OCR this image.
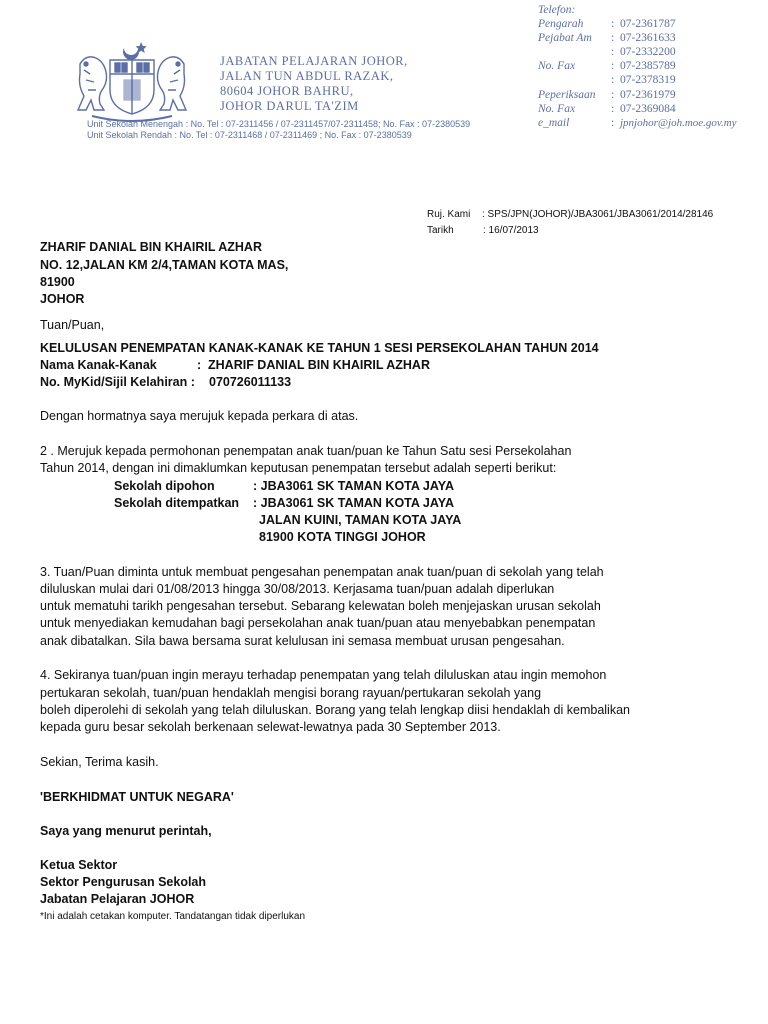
JABATAN PELAJARAN JOHOR,
JALAN TUN ABDUL RAZAK,
80604 JOHOR BAHRU,
JOHOR DARUL TA'ZIM
Unit Sekolah Menengah : No. Tel : 07-2311456 / 07-2311457/07-2311458; No. Fax : 07-2380539
Unit Sekolah Rendah : No. Tel : 07-2311468 / 07-2311469 ; No. Fax : 07-2380539
Telefon:
Pengarah : 07-2361787
Pejabat Am : 07-2361633
: 07-2332200
No. Fax	: 07-2385789
: 07-2378319
Peperiksaan : 07-2361979
No. Fax	: 07-2369084
e_mail	: jpnjohor@joh.moe.gov.my
Ruj. Kami : SPS/JPN(JOHOR)/JBA3061/JBA3061/2014/28146
Tarikh	: 16/07/2013
ZHARIF DANIAL BIN KHAIRIL AZHAR
NO. 12,JALAN KM 2/4,TAMAN KOTA MAS,
81900
JOHOR
Tuan/Puan,
KELULUSAN PENEMPATAN KANAK-KANAK KE TAHUN 1 SESI PERSEKOLAHAN TAHUN 2014
Nama Kanak-Kanak	: ZHARIF DANIAL BIN KHAIRIL AZHAR
No. MyKid/Sijil Kelahiran : 070726011133
Dengan hormatnya saya merujuk kepada perkara di atas.
2 . Merujuk kepada permohonan penempatan anak tuan/puan ke Tahun Satu sesi Persekolahan
Tahun 2014, dengan ini dimaklumkan keputusan penempatan tersebut adalah seperti berikut:
Sekolah dipohon	: JBA3061 SK TAMAN KOTA JAYA
Sekolah ditempatkan : JBA3061 SK TAMAN KOTA JAYA
JALAN KUINI, TAMAN KOTA JAYA
81900 KOTA TINGGI JOHOR
3. Tuan/Puan diminta untuk membuat pengesahan penempatan anak tuan/puan di sekolah yang telah
diluluskan mulai dari 01/08/2013 hingga 30/08/2013. Kerjasama tuan/puan adalah diperlukan
untuk mematuhi tarikh pengesahan tersebut. Sebarang kelewatan boleh menjejaskan urusan sekolah
untuk menyediakan kemudahan bagi persekolahan anak tuan/puan atau menyebabkan penempatan
anak dibatalkan. Sila bawa bersama surat kelulusan ini semasa membuat urusan pengesahan.
4. Sekiranya tuan/puan ingin merayu terhadap penempatan yang telah diluluskan atau ingin memohon
pertukaran sekolah, tuan/puan hendaklah mengisi borang rayuan/pertukaran sekolah yang
boleh diperolehi di sekolah yang telah diluluskan. Borang yang telah lengkap diisi hendaklah di kembalikan
kepada guru besar sekolah berkenaan selewat-lewatnya pada 30 September 2013.
Sekian, Terima kasih.
'BERKHIDMAT UNTUK NEGARA'
Saya yang menurut perintah,
Ketua Sektor
Sektor Pengurusan Sekolah
Jabatan Pelajaran JOHOR
*Ini adalah cetakan komputer. Tandatangan tidak diperlukan
